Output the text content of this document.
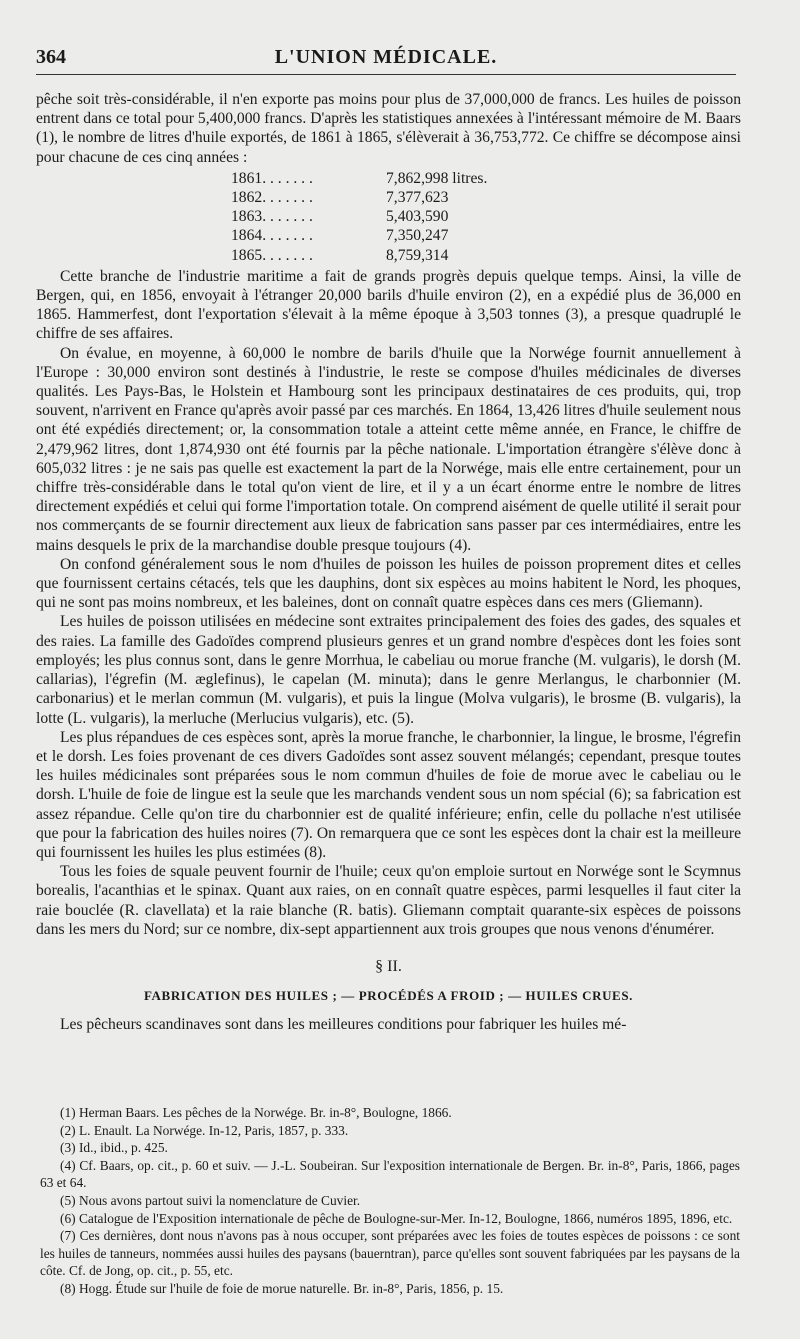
364	L'UNION MÉDICALE.

pêche soit très-considérable, il n'en exporte pas moins pour plus de 37,000,000 de francs. Les huiles de poisson entrent dans ce total pour 5,400,000 francs. D'après les statistiques annexées à l'intéressant mémoire de M. Baars (1), le nombre de litres d'huile exportés, de 1861 à 1865, s'élèverait à 36,753,772. Ce chiffre se décompose ainsi pour chacune de ces cinq années :

1861. . . . . . .	7,862,998 litres.
1862. . . . . . .	7,377,623
1863. . . . . . .	5,403,590
1864. . . . . . .	7,350,247
1865. . . . . . .	8,759,314

Cette branche de l'industrie maritime a fait de grands progrès depuis quelque temps. Ainsi, la ville de Bergen, qui, en 1856, envoyait à l'étranger 20,000 barils d'huile environ (2), en a expédié plus de 36,000 en 1865. Hammerfest, dont l'exportation s'élevait à la même époque à 3,503 tonnes (3), a presque quadruplé le chiffre de ses affaires.

On évalue, en moyenne, à 60,000 le nombre de barils d'huile que la Norwége fournit annuellement à l'Europe : 30,000 environ sont destinés à l'industrie, le reste se compose d'huiles médicinales de diverses qualités. Les Pays-Bas, le Holstein et Hambourg sont les principaux destinataires de ces produits, qui, trop souvent, n'arrivent en France qu'après avoir passé par ces marchés. En 1864, 13,426 litres d'huile seulement nous ont été expédiés directement; or, la consommation totale a atteint cette même année, en France, le chiffre de 2,479,962 litres, dont 1,874,930 ont été fournis par la pêche nationale. L'importation étrangère s'élève donc à 605,032 litres : je ne sais pas quelle est exactement la part de la Norwége, mais elle entre certainement, pour un chiffre très-considérable dans le total qu'on vient de lire, et il y a un écart énorme entre le nombre de litres directement expédiés et celui qui forme l'importation totale. On comprend aisément de quelle utilité il serait pour nos commerçants de se fournir directement aux lieux de fabrication sans passer par ces intermédiaires, entre les mains desquels le prix de la marchandise double presque toujours (4).

On confond généralement sous le nom d'huiles de poisson les huiles de poisson proprement dites et celles que fournissent certains cétacés, tels que les dauphins, dont six espèces au moins habitent le Nord, les phoques, qui ne sont pas moins nombreux, et les baleines, dont on connaît quatre espèces dans ces mers (Gliemann).

Les huiles de poisson utilisées en médecine sont extraites principalement des foies des gades, des squales et des raies. La famille des Gadoïdes comprend plusieurs genres et un grand nombre d'espèces dont les foies sont employés; les plus connus sont, dans le genre Morrhua, le cabeliau ou morue franche (M. vulgaris), le dorsh (M. callarias), l'égrefin (M. æglefinus), le capelan (M. minuta); dans le genre Merlangus, le charbonnier (M. carbonarius) et le merlan commun (M. vulgaris), et puis la lingue (Molva vulgaris), le brosme (B. vulgaris), la lotte (L. vulgaris), la merluche (Merlucius vulgaris), etc. (5).

Les plus répandues de ces espèces sont, après la morue franche, le charbonnier, la lingue, le brosme, l'égrefin et le dorsh. Les foies provenant de ces divers Gadoïdes sont assez souvent mélangés; cependant, presque toutes les huiles médicinales sont préparées sous le nom commun d'huiles de foie de morue avec le cabeliau ou le dorsh. L'huile de foie de lingue est la seule que les marchands vendent sous un nom spécial (6); sa fabrication est assez répandue. Celle qu'on tire du charbonnier est de qualité inférieure; enfin, celle du pollache n'est utilisée que pour la fabrication des huiles noires (7). On remarquera que ce sont les espèces dont la chair est la meilleure qui fournissent les huiles les plus estimées (8).

Tous les foies de squale peuvent fournir de l'huile; ceux qu'on emploie surtout en Norwége sont le Scymnus borealis, l'acanthias et le spinax. Quant aux raies, on en connaît quatre espèces, parmi lesquelles il faut citer la raie bouclée (R. clavellata) et la raie blanche (R. batis). Gliemann comptait quarante-six espèces de poissons dans les mers du Nord; sur ce nombre, dix-sept appartiennent aux trois groupes que nous venons d'énumérer.

§ II.
FABRICATION DES HUILES ; — PROCÉDÉS A FROID ; — HUILES CRUES.

Les pêcheurs scandinaves sont dans les meilleures conditions pour fabriquer les huiles mé-

(1) Herman Baars. Les pêches de la Norwége. Br. in-8°, Boulogne, 1866.

(2) L. Enault. La Norwége. In-12, Paris, 1857, p. 333.

(3) Id., ibid., p. 425.

(4) Cf. Baars, op. cit., p. 60 et suiv. — J.-L. Soubeiran. Sur l'exposition internationale de Bergen. Br. in-8°, Paris, 1866, pages 63 et 64.

(5) Nous avons partout suivi la nomenclature de Cuvier.

(6) Catalogue de l'Exposition internationale de pêche de Boulogne-sur-Mer. In-12, Boulogne, 1866, numéros 1895, 1896, etc.

(7) Ces dernières, dont nous n'avons pas à nous occuper, sont préparées avec les foies de toutes espèces de poissons : ce sont les huiles de tanneurs, nommées aussi huiles des paysans (bauerntran), parce qu'elles sont souvent fabriquées par les paysans de la côte. Cf. de Jong, op. cit., p. 55, etc.

(8) Hogg. Étude sur l'huile de foie de morue naturelle. Br. in-8°, Paris, 1856, p. 15.
